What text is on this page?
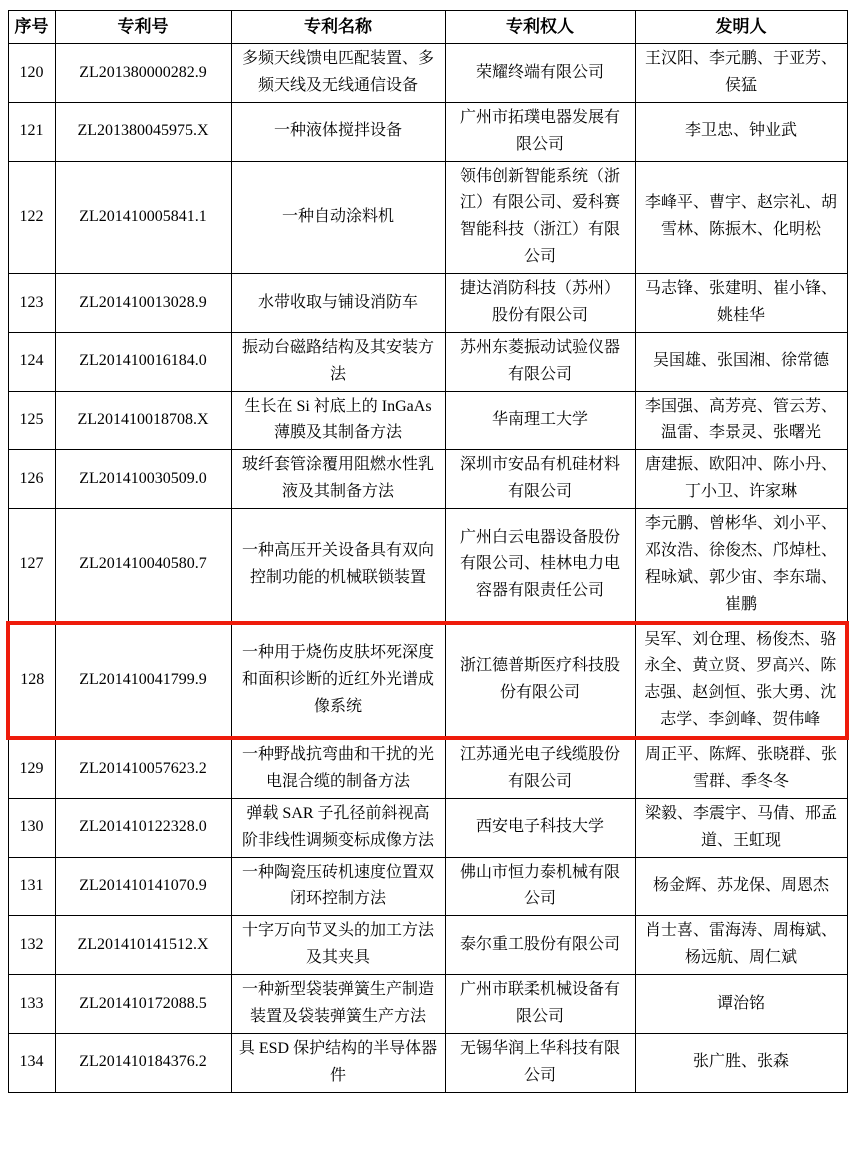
序号	专利号	专利名称	专利权人	发明人
120	ZL201380000282.9	多频天线馈电匹配装置、多频天线及无线通信设备	荣耀终端有限公司	王汉阳、李元鹏、于亚芳、侯猛
121	ZL201380045975.X	一种液体搅拌设备	广州市拓璞电器发展有限公司	李卫忠、钟业武
122	ZL201410005841.1	一种自动涂料机	领伟创新智能系统（浙江）有限公司、爱科赛智能科技（浙江）有限公司	李峰平、曹宇、赵宗礼、胡雪林、陈振木、化明松
123	ZL201410013028.9	水带收取与铺设消防车	捷达消防科技（苏州）股份有限公司	马志锋、张建明、崔小锋、姚桂华
124	ZL201410016184.0	振动台磁路结构及其安装方法	苏州东菱振动试验仪器有限公司	吴国雄、张国湘、徐常德
125	ZL201410018708.X	生长在 Si 衬底上的 InGaAs 薄膜及其制备方法	华南理工大学	李国强、高芳亮、管云芳、温雷、李景灵、张曙光
126	ZL201410030509.0	玻纤套管涂覆用阻燃水性乳液及其制备方法	深圳市安品有机硅材料有限公司	唐建振、欧阳冲、陈小丹、丁小卫、许家琳
127	ZL201410040580.7	一种高压开关设备具有双向控制功能的机械联锁装置	广州白云电器设备股份有限公司、桂林电力电容器有限责任公司	李元鹏、曾彬华、刘小平、邓汝浩、徐俊杰、邝焯杜、程咏斌、郭少宙、李东瑞、崔鹏
128	ZL201410041799.9	一种用于烧伤皮肤坏死深度和面积诊断的近红外光谱成像系统	浙江德普斯医疗科技股份有限公司	吴军、刘仓理、杨俊杰、骆永全、黄立贤、罗高兴、陈志强、赵剑恒、张大勇、沈志学、李剑峰、贺伟峰
129	ZL201410057623.2	一种野战抗弯曲和干扰的光电混合缆的制备方法	江苏通光电子线缆股份有限公司	周正平、陈辉、张晓群、张雪群、季冬冬
130	ZL201410122328.0	弹载 SAR 子孔径前斜视高阶非线性调频变标成像方法	西安电子科技大学	梁毅、李震宇、马倩、邢孟道、王虹现
131	ZL201410141070.9	一种陶瓷压砖机速度位置双闭环控制方法	佛山市恒力泰机械有限公司	杨金辉、苏龙保、周恩杰
132	ZL201410141512.X	十字万向节叉头的加工方法及其夹具	泰尔重工股份有限公司	肖士喜、雷海涛、周梅斌、杨远航、周仁斌
133	ZL201410172088.5	一种新型袋装弹簧生产制造装置及袋装弹簧生产方法	广州市联柔机械设备有限公司	谭治铭
134	ZL201410184376.2	具 ESD 保护结构的半导体器件	无锡华润上华科技有限公司	张广胜、张森
